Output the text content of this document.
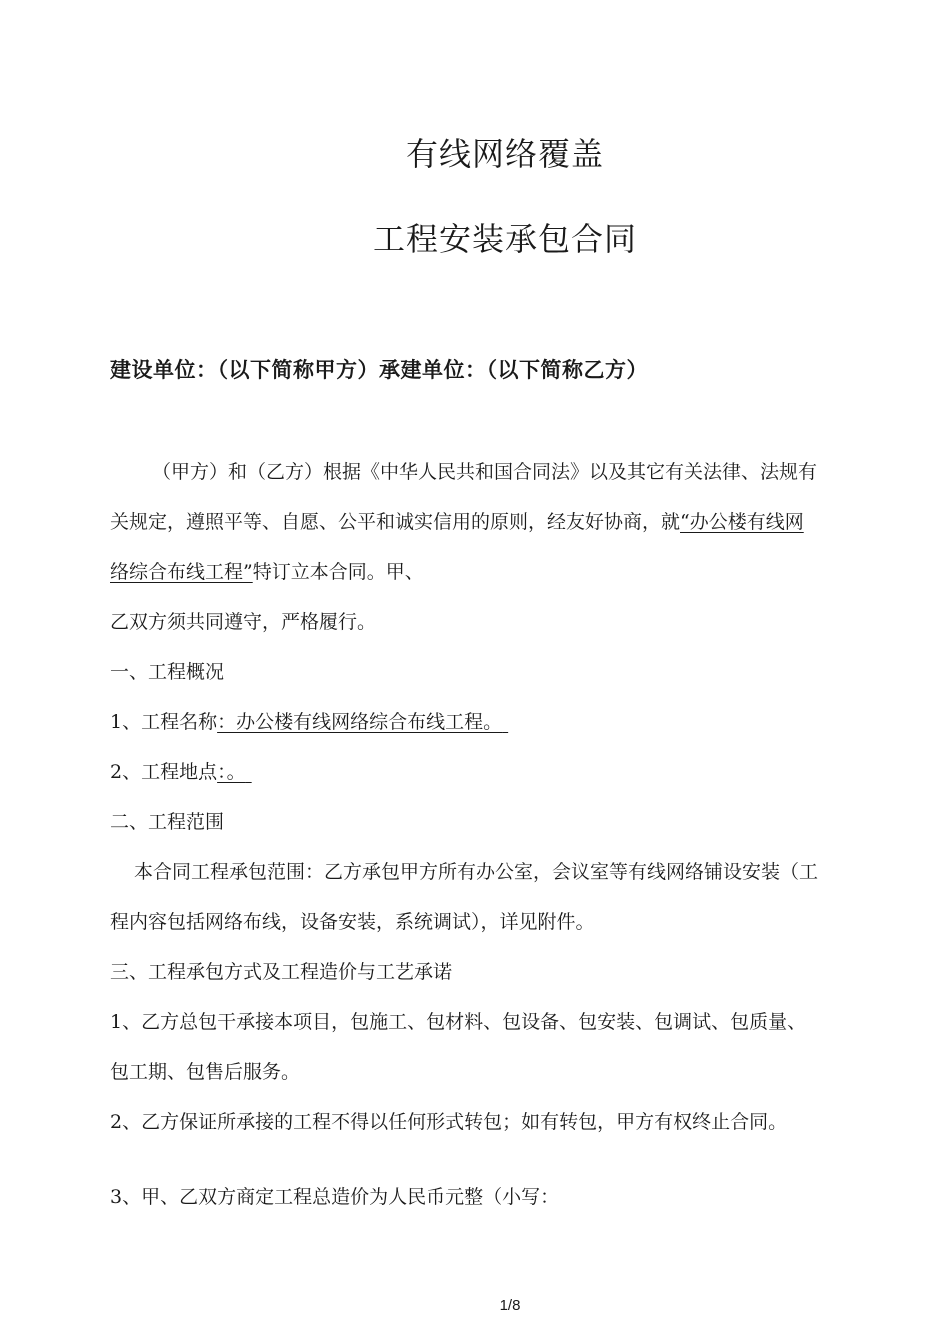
有线网络覆盖
工程安装承包合同

建设单位：（以下简称甲方）承建单位：（以下简称乙方）

（甲方）和（乙方）根据《中华人民共和国合同法》以及其它有关法律、法规有

关规定，遵照平等、自愿、公平和诚实信用的原则，经友好协商，就“办公楼有线网

络综合布线工程”特订立本合同。甲、

乙双方须共同遵守，严格履行。

一、工程概况

1、工程名称：办公楼有线网络综合布线工程。

2、工程地点：。

二、工程范围

本合同工程承包范围：乙方承包甲方所有办公室，会议室等有线网络铺设安装（工

程内容包括网络布线，设备安装，系统调试），详见附件。

三、工程承包方式及工程造价与工艺承诺

1、乙方总包干承接本项目，包施工、包材料、包设备、包安装、包调试、包质量、

包工期、包售后服务。

2、乙方保证所承接的工程不得以任何形式转包；如有转包，甲方有权终止合同。

3、甲、乙双方商定工程总造价为人民币元整（小写：

1/8
